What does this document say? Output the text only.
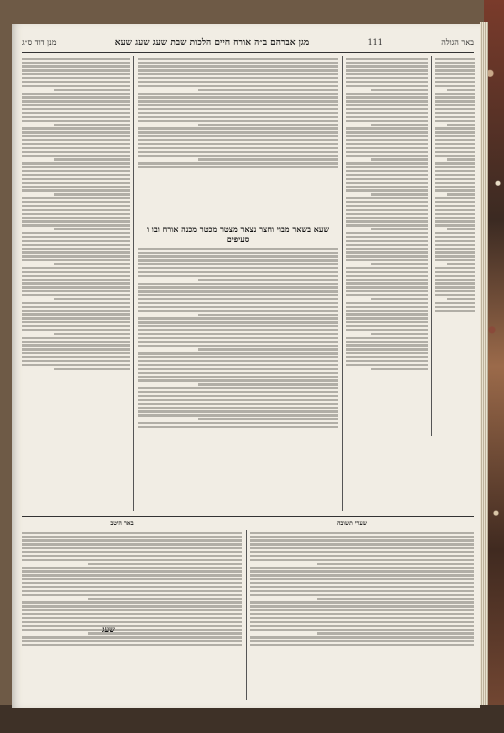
מנן דוד ס״ג	מגן אברהם ב״ה אורח חיים הלכות שבת שעג שעג שעא	111	באר הגולה
שעא בשאר מבוי וחצר נצאר מצטר מכטר מכנה אורח ובו ו סעיפים
באר היטב	שערי תשובה
שעג
